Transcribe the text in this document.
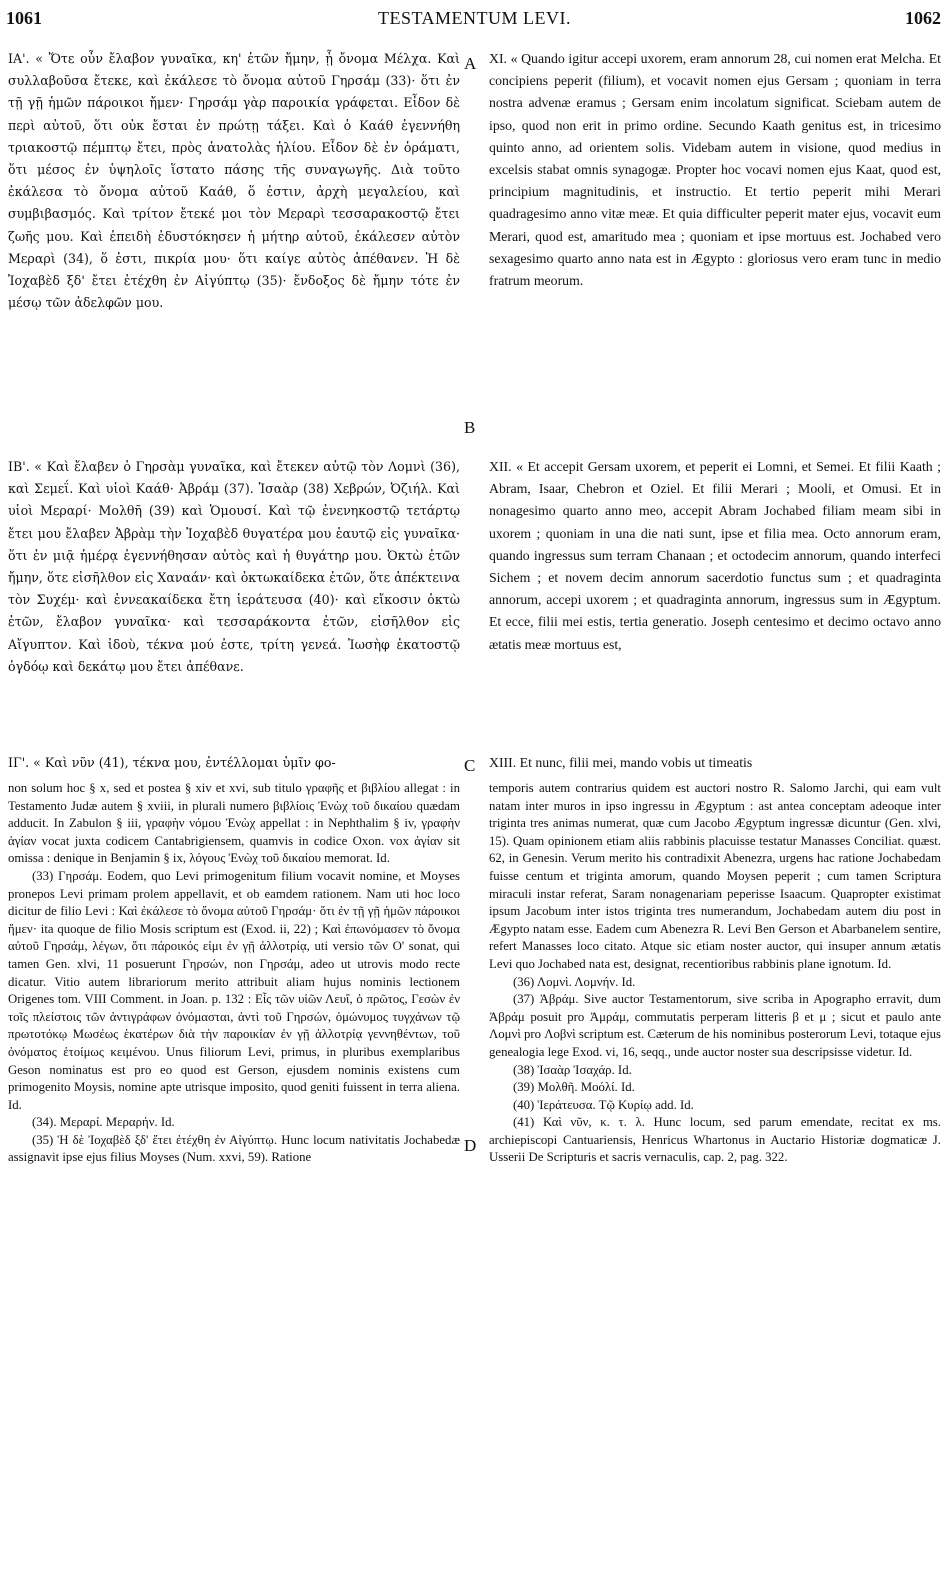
1061	TESTAMENTUM LEVI.	1062

ΙΑ'. « Ὅτε οὖν ἔλαβον γυναῖκα, κη' ἐτῶν ἤμην, ᾗ ὄνομα Μέλχα. Καὶ συλλαβοῦσα ἔτεκε, καὶ ἐκάλεσε τὸ ὄνομα αὐτοῦ Γηρσάμ (33)· ὅτι ἐν τῇ γῇ ἡμῶν πάροικοι ἤμεν· Γηρσάμ γὰρ παροικία γράφεται. Εἶδον δὲ περὶ αὐτοῦ, ὅτι οὐκ ἔσται ἐν πρώτῃ τάξει. Καὶ ὁ Καάθ ἐγεννήθη τριακοστῷ πέμπτῳ ἔτει, πρὸς ἀνατολὰς ἡλίου. Εἶδον δὲ ἐν ὁράματι, ὅτι μέσος ἐν ὑψηλοῖς ἵστατο πάσης τῆς συναγωγῆς. Διὰ τοῦτο ἐκάλεσα τὸ ὄνομα αὐτοῦ Καάθ, ὅ ἐστιν, ἀρχὴ μεγαλείου, καὶ συμβιβασμός. Καὶ τρίτον ἔτεκέ μοι τὸν Μεραρὶ τεσσαρακοστῷ ἔτει ζωῆς μου. Καὶ ἐπειδὴ ἐδυστόκησεν ἡ μήτηρ αὐτοῦ, ἐκάλεσεν αὐτὸν Μεραρὶ (34), ὅ ἐστι, πικρία μου· ὅτι καίγε αὐτὸς ἀπέθανεν. Ἡ δὲ Ἰοχαβὲδ ξδ' ἔτει ἐτέχθη ἐν Αἰγύπτῳ (35)· ἔνδοξος δὲ ἤμην τότε ἐν μέσῳ τῶν ἀδελφῶν μου.

XI. « Quando igitur accepi uxorem, eram annorum 28, cui nomen erat Melcha. Et concipiens peperit (filium), et vocavit nomen ejus Gersam ; quoniam in terra nostra advenæ eramus ; Gersam enim incolatum significat. Sciebam autem de ipso, quod non erit in primo ordine. Secundo Kaath genitus est, in tricesimo quinto anno, ad orientem solis. Videbam autem in visione, quod medius in excelsis stabat omnis synagogæ. Propter hoc vocavi nomen ejus Kaat, quod est, principium magnitudinis, et instructio. Et tertio peperit mihi Merari quadragesimo anno vitæ meæ. Et quia difficulter peperit mater ejus, vocavit eum Merari, quod est, amaritudo mea ; quoniam et ipse mortuus est. Jochabed vero sexagesimo quarto anno nata est in Ægypto : gloriosus vero eram tunc in medio fratrum meorum.

ΙΒ'. « Καὶ ἔλαβεν ὁ Γηρσὰμ γυναῖκα, καὶ ἔτεκεν αὐτῷ τὸν Λομνὶ (36), καὶ Σεμεΐ. Καὶ υἱοὶ Καάθ· Ἀβράμ (37). Ἰσαὰρ (38) Χεβρών, Ὀζιήλ. Καὶ υἱοὶ Μεραρί· Μολθῆ (39) καὶ Ὁμουσί. Καὶ τῷ ἐνενηκοστῷ τετάρτῳ ἔτει μου ἔλαβεν Ἀβρὰμ τὴν Ἰοχαβὲδ θυγατέρα μου ἑαυτῷ εἰς γυναῖκα· ὅτι ἐν μιᾷ ἡμέρᾳ ἐγεννήθησαν αὐτὸς καὶ ἡ θυγάτηρ μου. Ὀκτὼ ἐτῶν ἤμην, ὅτε εἰσῆλθον εἰς Χαναάν· καὶ ὀκτωκαίδεκα ἐτῶν, ὅτε ἀπέκτεινα τὸν Συχέμ· καὶ ἐννεακαίδεκα ἔτη ἱεράτευσα (40)· καὶ εἴκοσιν ὀκτὼ ἐτῶν, ἔλαβον γυναῖκα· καὶ τεσσαράκοντα ἐτῶν, εἰσῆλθον εἰς Αἴγυπτον. Καὶ ἰδοὺ, τέκνα μού ἐστε, τρίτη γενεά. Ἰωσὴφ ἑκατοστῷ ὀγδόῳ καὶ δεκάτῳ μου ἔτει ἀπέθανε.

ΙΓ'. « Καὶ νῦν (41), τέκνα μου, ἐντέλλομαι ὑμῖν φο-

XII. « Et accepit Gersam uxorem, et peperit ei Lomni, et Semei. Et filii Kaath ; Abram, Isaar, Chebron et Oziel. Et filii Merari ; Mooli, et Omusi. Et in nonagesimo quarto anno meo, accepit Abram Jochabed filiam meam sibi in uxorem ; quoniam in una die nati sunt, ipse et filia mea. Octo annorum eram, quando ingressus sum terram Chanaan ; et octodecim annorum, quando interfeci Sichem ; et novem decim annorum sacerdotio functus sum ; et quadraginta annorum, accepi uxorem ; et quadraginta annorum, ingressus sum in Ægyptum. Et ecce, filii mei estis, tertia generatio. Joseph centesimo et decimo octavo anno ætatis meæ mortuus est,

XIII. Et nunc, filii mei, mando vobis ut timeatis

non solum hoc § x, sed et postea § xiv et xvi, sub titulo γραφῆς et βιβλίου allegat : in Testamento Judæ autem § xviii, in plurali numero βιβλίοις Ἐνὼχ τοῦ δικαίου quædam adducit. In Zabulon § iii, γραφὴν νόμου Ἐνὼχ appellat : in Nephthalim § iv, γραφὴν ἁγίαν vocat juxta codicem Cantabrigiensem, quamvis in codice Oxon. vox ἁγίαν sit omissa : denique in Benjamin § ix, λόγους Ἐνὼχ τοῦ δικαίου memorat. Id.

(33) Γηρσάμ. Eodem, quo Levi primogenitum filium vocavit nomine, et Moyses pronepos Levi primam prolem appellavit, et ob eamdem rationem. Nam uti hoc loco dicitur de filio Levi : Καὶ ἐκάλεσε τὸ ὄνομα αὐτοῦ Γηρσάμ· ὅτι ἐν τῇ γῇ ἡμῶν πάροικοι ἤμεν· ita quoque de filio Mosis scriptum est (Exod. ii, 22) ; Καὶ ἐπωνόμασεν τὸ ὄνομα αὐτοῦ Γηρσάμ, λέγων, ὅτι πάροικός εἰμι ἐν γῇ ἀλλοτρίᾳ, uti versio τῶν Ο' sonat, qui tamen Gen. xlvi, 11 posuerunt Γηρσών, non Γηρσάμ, adeo ut utrovis modo recte dicatur. Vitio autem librariorum merito attribuit aliam hujus nominis lectionem Origenes tom. VIII Comment. in Joan. p. 132 : Εἷς τῶν υἱῶν Λευΐ, ὁ πρῶτος, Γεσὼν ἐν τοῖς πλείστοις τῶν ἀντιγράφων ὀνόμασται, ἀντὶ τοῦ Γηρσών, ὁμώνυμος τυγχάνων τῷ πρωτοτόκῳ Μωσέως ἑκατέρων διὰ τὴν παροικίαν ἐν γῇ ἀλλοτρίᾳ γεννηθέντων, τοῦ ὀνόματος ἑτοίμως κειμένου. Unus filiorum Levi, primus, in pluribus exemplaribus Geson nominatus est pro eo quod est Gerson, ejusdem nominis existens cum primogenito Moysis, nomine apte utrisque imposito, quod geniti fuissent in terra aliena. Id.

(34). Μεραρί. Μεραρήν. Id.

(35) Ἡ δὲ Ἰοχαβὲδ ξδ' ἔτει ἐτέχθη ἐν Αἰγύπτῳ. Hunc locum nativitatis Jochabedæ assignavit ipse ejus filius Moyses (Num. xxvi, 59). Ratione

temporis autem contrarius quidem est auctori nostro R. Salomo Jarchi, qui eam vult natam inter muros in ipso ingressu in Ægyptum : ast antea conceptam adeoque inter triginta tres animas numerat, quæ cum Jacobo Ægyptum ingressæ dicuntur (Gen. xlvi, 15). Quam opinionem etiam aliis rabbinis placuisse testatur Manasses Conciliat. quæst. 62, in Genesin. Verum merito his contradixit Abenezra, urgens hac ratione Jochabedam fuisse centum et triginta amorum, quando Moysen peperit ; cum tamen Scriptura miraculi instar referat, Saram nonagenariam peperisse Isaacum. Quapropter existimat ipsum Jacobum inter istos triginta tres numerandum, Jochabedam autem diu post in Ægypto natam esse. Eadem cum Abenezra R. Levi Ben Gerson et Abarbanelem sentire, refert Manasses loco citato. Atque sic etiam noster auctor, qui insuper annum ætatis Levi quo Jochabed nata est, designat, recentioribus rabbinis plane ignotum. Id.

(36) Λομνὶ. Λομνήν. Id.

(37) Ἀβράμ. Sive auctor Testamentorum, sive scriba in Apographo erravit, dum Ἀβράμ posuit pro Ἀμράμ, commutatis perperam litteris β et μ ; sicut et paulo ante Λομνὶ pro Λοβνὶ scriptum est. Cæterum de his nominibus posterorum Levi, totaque ejus genealogia lege Exod. vi, 16, seqq., unde auctor noster sua descripsisse videtur. Id.

(38) Ἰσαὰρ Ἰσαχάρ. Id.

(39) Μολθῆ. Μοόλί. Id.

(40) Ἱεράτευσα. Τῷ Κυρίῳ add. Id.

(41) Καὶ νῦν, κ. τ. λ. Hunc locum, sed parum emendate, recitat ex ms. archiepiscopi Cantuariensis, Henricus Whartonus in Auctario Historiæ dogmaticæ J. Usserii De Scripturis et sacris vernaculis, cap. 2, pag. 322.

A
B
C
D
